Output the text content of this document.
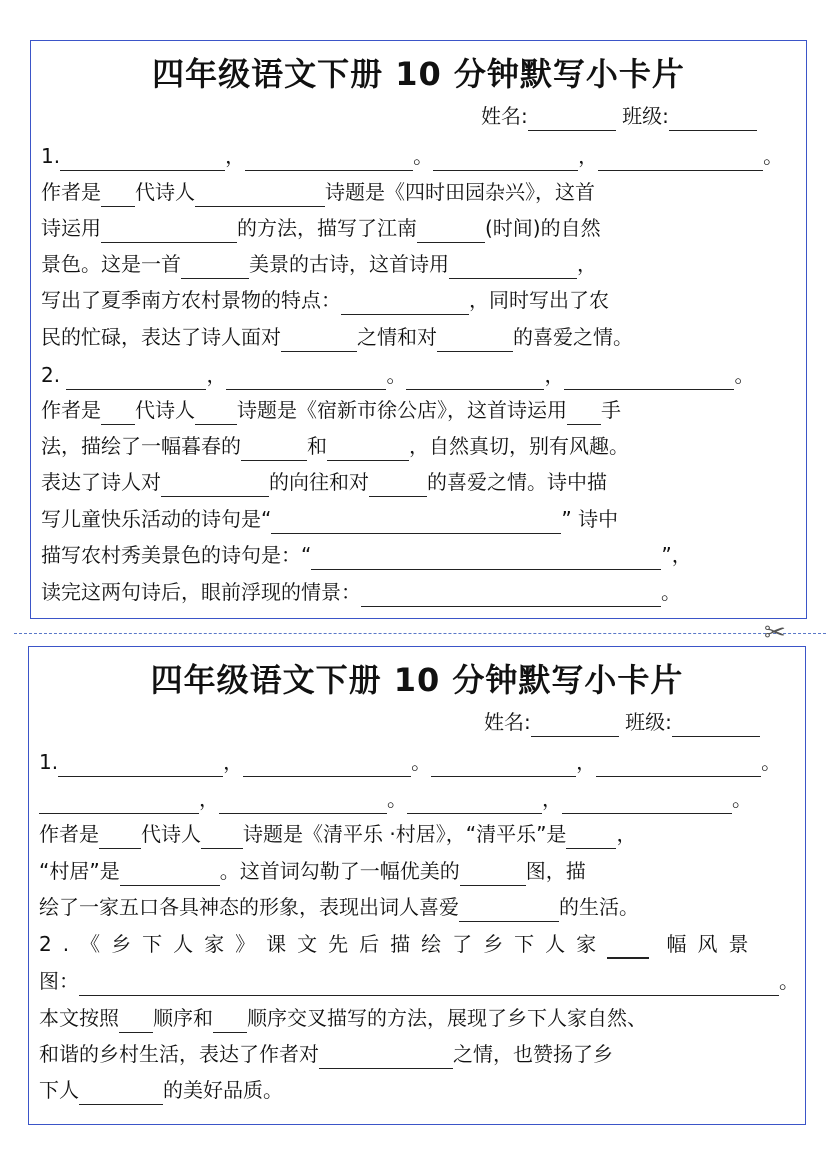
四年级语文下册 10 分钟默写小卡片
姓名:	班级:
1.	，	。	，	。
作者是 代诗人	诗题是《四时田园杂兴》，这首
诗运用	的方法，描写了江南	(时间)的自然
景色。这是一首	美景的古诗，这首诗用	，
写出了夏季南方农村景物的特点：	，同时写出了农
民的忙碌，表达了诗人面对	之情和对	的喜爱之情。
2.	，	。	，	。
作者是 代诗人 诗题是《宿新市徐公店》，这首诗运用 手
法，描绘了一幅暮春的	和	，自然真切，别有风趣。
表达了诗人对	的向往和对	的喜爱之情。诗中描
写儿童快乐活动的诗句是“	” 诗中
描写农村秀美景色的诗句是：“	”，
读完这两句诗后，眼前浮现的情景：	。
✂
四年级语文下册 10 分钟默写小卡片
姓名:	班级:
1.	，	。	，	。
，	。	，	。
作者是 代诗人 诗题是《清平乐 ·村居》，“清平乐”是	，
“村居”是	。这首词勾勒了一幅优美的	图，描
绘了一家五口各具神态的形象，表现出词人喜爱	的生活。
2.《乡下人家》课文先后描绘了乡下人家	幅风景
图：	。
本文按照 顺序和 顺序交叉描写的方法，展现了乡下人家自然、
和谐的乡村生活，表达了作者对	之情，也赞扬了乡
下人	的美好品质。
